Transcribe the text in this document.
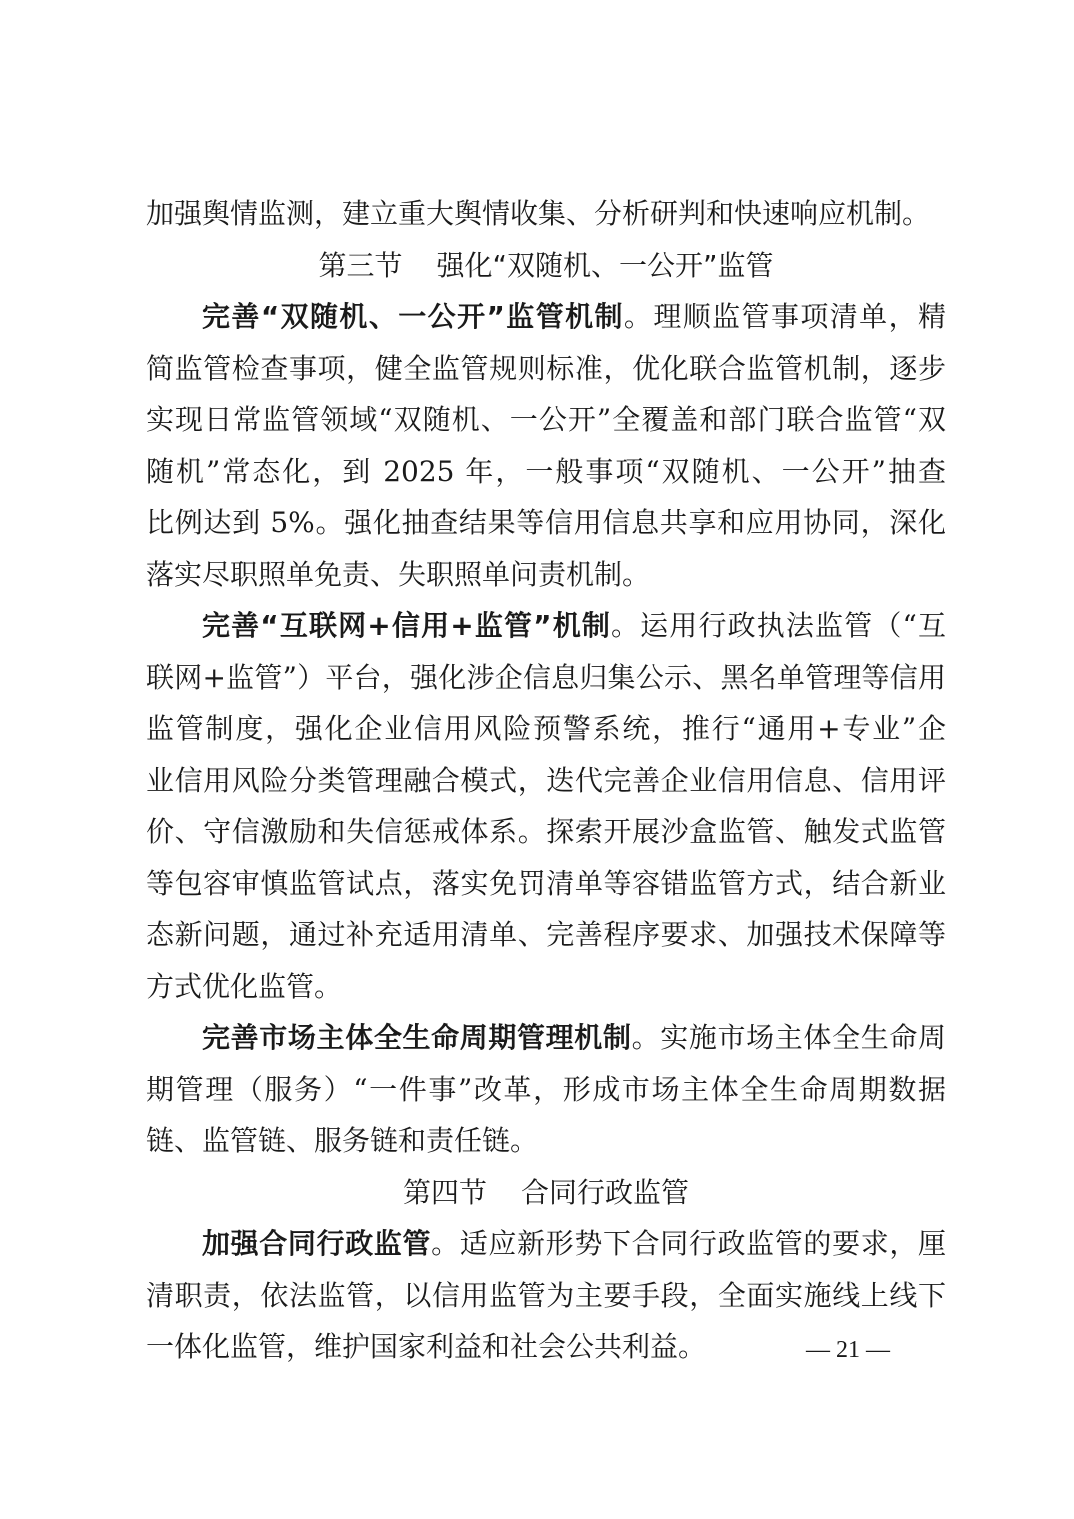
加强舆情监测，建立重大舆情收集、分析研判和快速响应机制。
第三节 强化“双随机、一公开”监管
完善“双随机、一公开”监管机制。理顺监管事项清单，精
简监管检查事项，健全监管规则标准，优化联合监管机制，逐步
实现日常监管领域“双随机、一公开”全覆盖和部门联合监管“双
随机”常态化，到 2025 年，一般事项“双随机、一公开”抽查
比例达到 5%。强化抽查结果等信用信息共享和应用协同，深化
落实尽职照单免责、失职照单问责机制。
完善“互联网+信用+监管”机制。运用行政执法监管（“互
联网+监管”）平台，强化涉企信息归集公示、黑名单管理等信用
监管制度，强化企业信用风险预警系统，推行“通用+专业”企
业信用风险分类管理融合模式，迭代完善企业信用信息、信用评
价、守信激励和失信惩戒体系。探索开展沙盒监管、触发式监管
等包容审慎监管试点，落实免罚清单等容错监管方式，结合新业
态新问题，通过补充适用清单、完善程序要求、加强技术保障等
方式优化监管。
完善市场主体全生命周期管理机制。实施市场主体全生命周
期管理（服务）“一件事”改革，形成市场主体全生命周期数据
链、监管链、服务链和责任链。
第四节 合同行政监管
加强合同行政监管。适应新形势下合同行政监管的要求，厘
清职责，依法监管，以信用监管为主要手段，全面实施线上线下
一体化监管，维护国家利益和社会公共利益。	— 21 —
